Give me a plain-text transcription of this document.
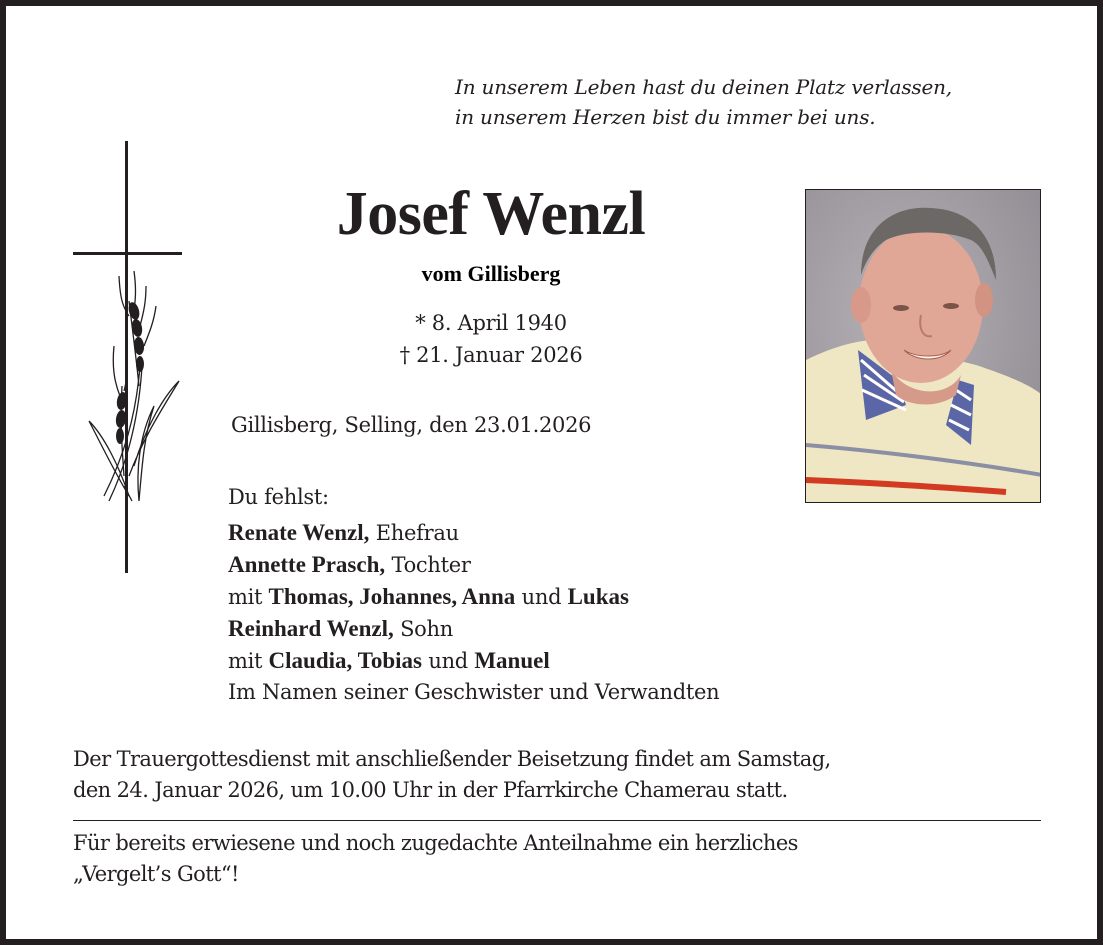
In unserem Leben hast du deinen Platz verlassen,
in unserem Herzen bist du immer bei uns.
Josef Wenzl
vom Gillisberg
* 8. April 1940
† 21. Januar 2026
Gillisberg, Selling, den 23.01.2026
Du fehlst:
Renate Wenzl, Ehefrau
Annette Prasch, Tochter
mit Thomas, Johannes, Anna und Lukas
Reinhard Wenzl, Sohn
mit Claudia, Tobias und Manuel
Im Namen seiner Geschwister und Verwandten
Der Trauergottesdienst mit anschließender Beisetzung findet am Samstag,
den 24. Januar 2026, um 10.00 Uhr in der Pfarrkirche Chamerau statt.
Für bereits erwiesene und noch zugedachte Anteilnahme ein herzliches
„Vergelt’s Gott“!
